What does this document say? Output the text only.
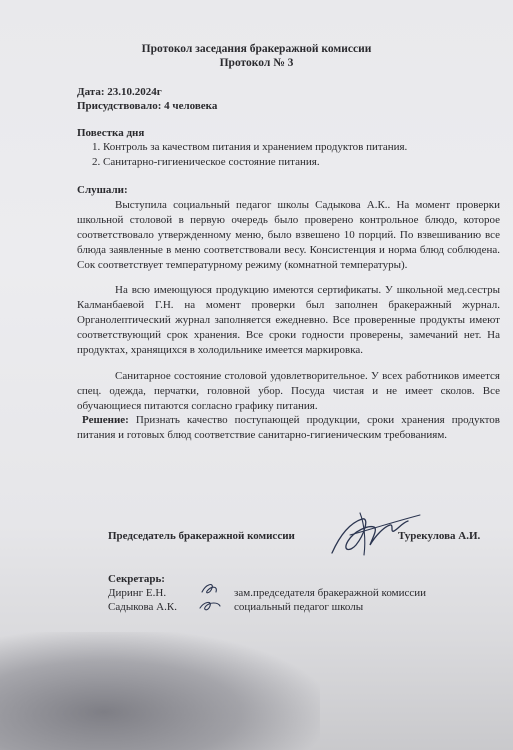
Протокол заседания бракеражной комиссии
Протокол № 3
Дата: 23.10.2024г
Присудствовало: 4 человека
Повестка дня
1. Контроль за качеством питания и хранением продуктов питания.
2. Санитарно-гигиеническое состояние питания.
Слушали:
Выступила социальный педагог школы Садыкова А.К.. На момент проверки школьной столовой в первую очередь было проверено контрольное блюдо, которое соответствовало утвержденному меню, было взвешено 10 порций. По взвешиванию все блюда заявленные в меню соответствовали весу. Консистенция и норма блюд соблюдена. Сок соответствует температурному режиму (комнатной температуры).
На всю имеющуюся продукцию имеются сертификаты. У школьной мед.сестры Калманбаевой Г.Н. на момент проверки был заполнен бракеражный журнал. Органолептический журнал заполняется ежедневно. Все проверенные продукты имеют соответствующий срок хранения. Все сроки годности проверены, замечаний нет. На продуктах, хранящихся в холодильнике имеется маркировка.
Санитарное состояние столовой удовлетворительное. У всех работников имеется спец. одежда, перчатки, головной убор. Посуда чистая и не имеет сколов. Все обучающиеся питаются согласно графику питания.
Решение: Признать качество поступающей продукции, сроки хранения продуктов питания и готовых блюд соответствие санитарно-гигиеническим требованиям.
Председатель бракеражной комиссии	Турекулова А.И.
Секретарь:
Диринг Е.Н.	зам.председателя бракеражной комиссии
Садыкова А.К.	социальный педагог школы
